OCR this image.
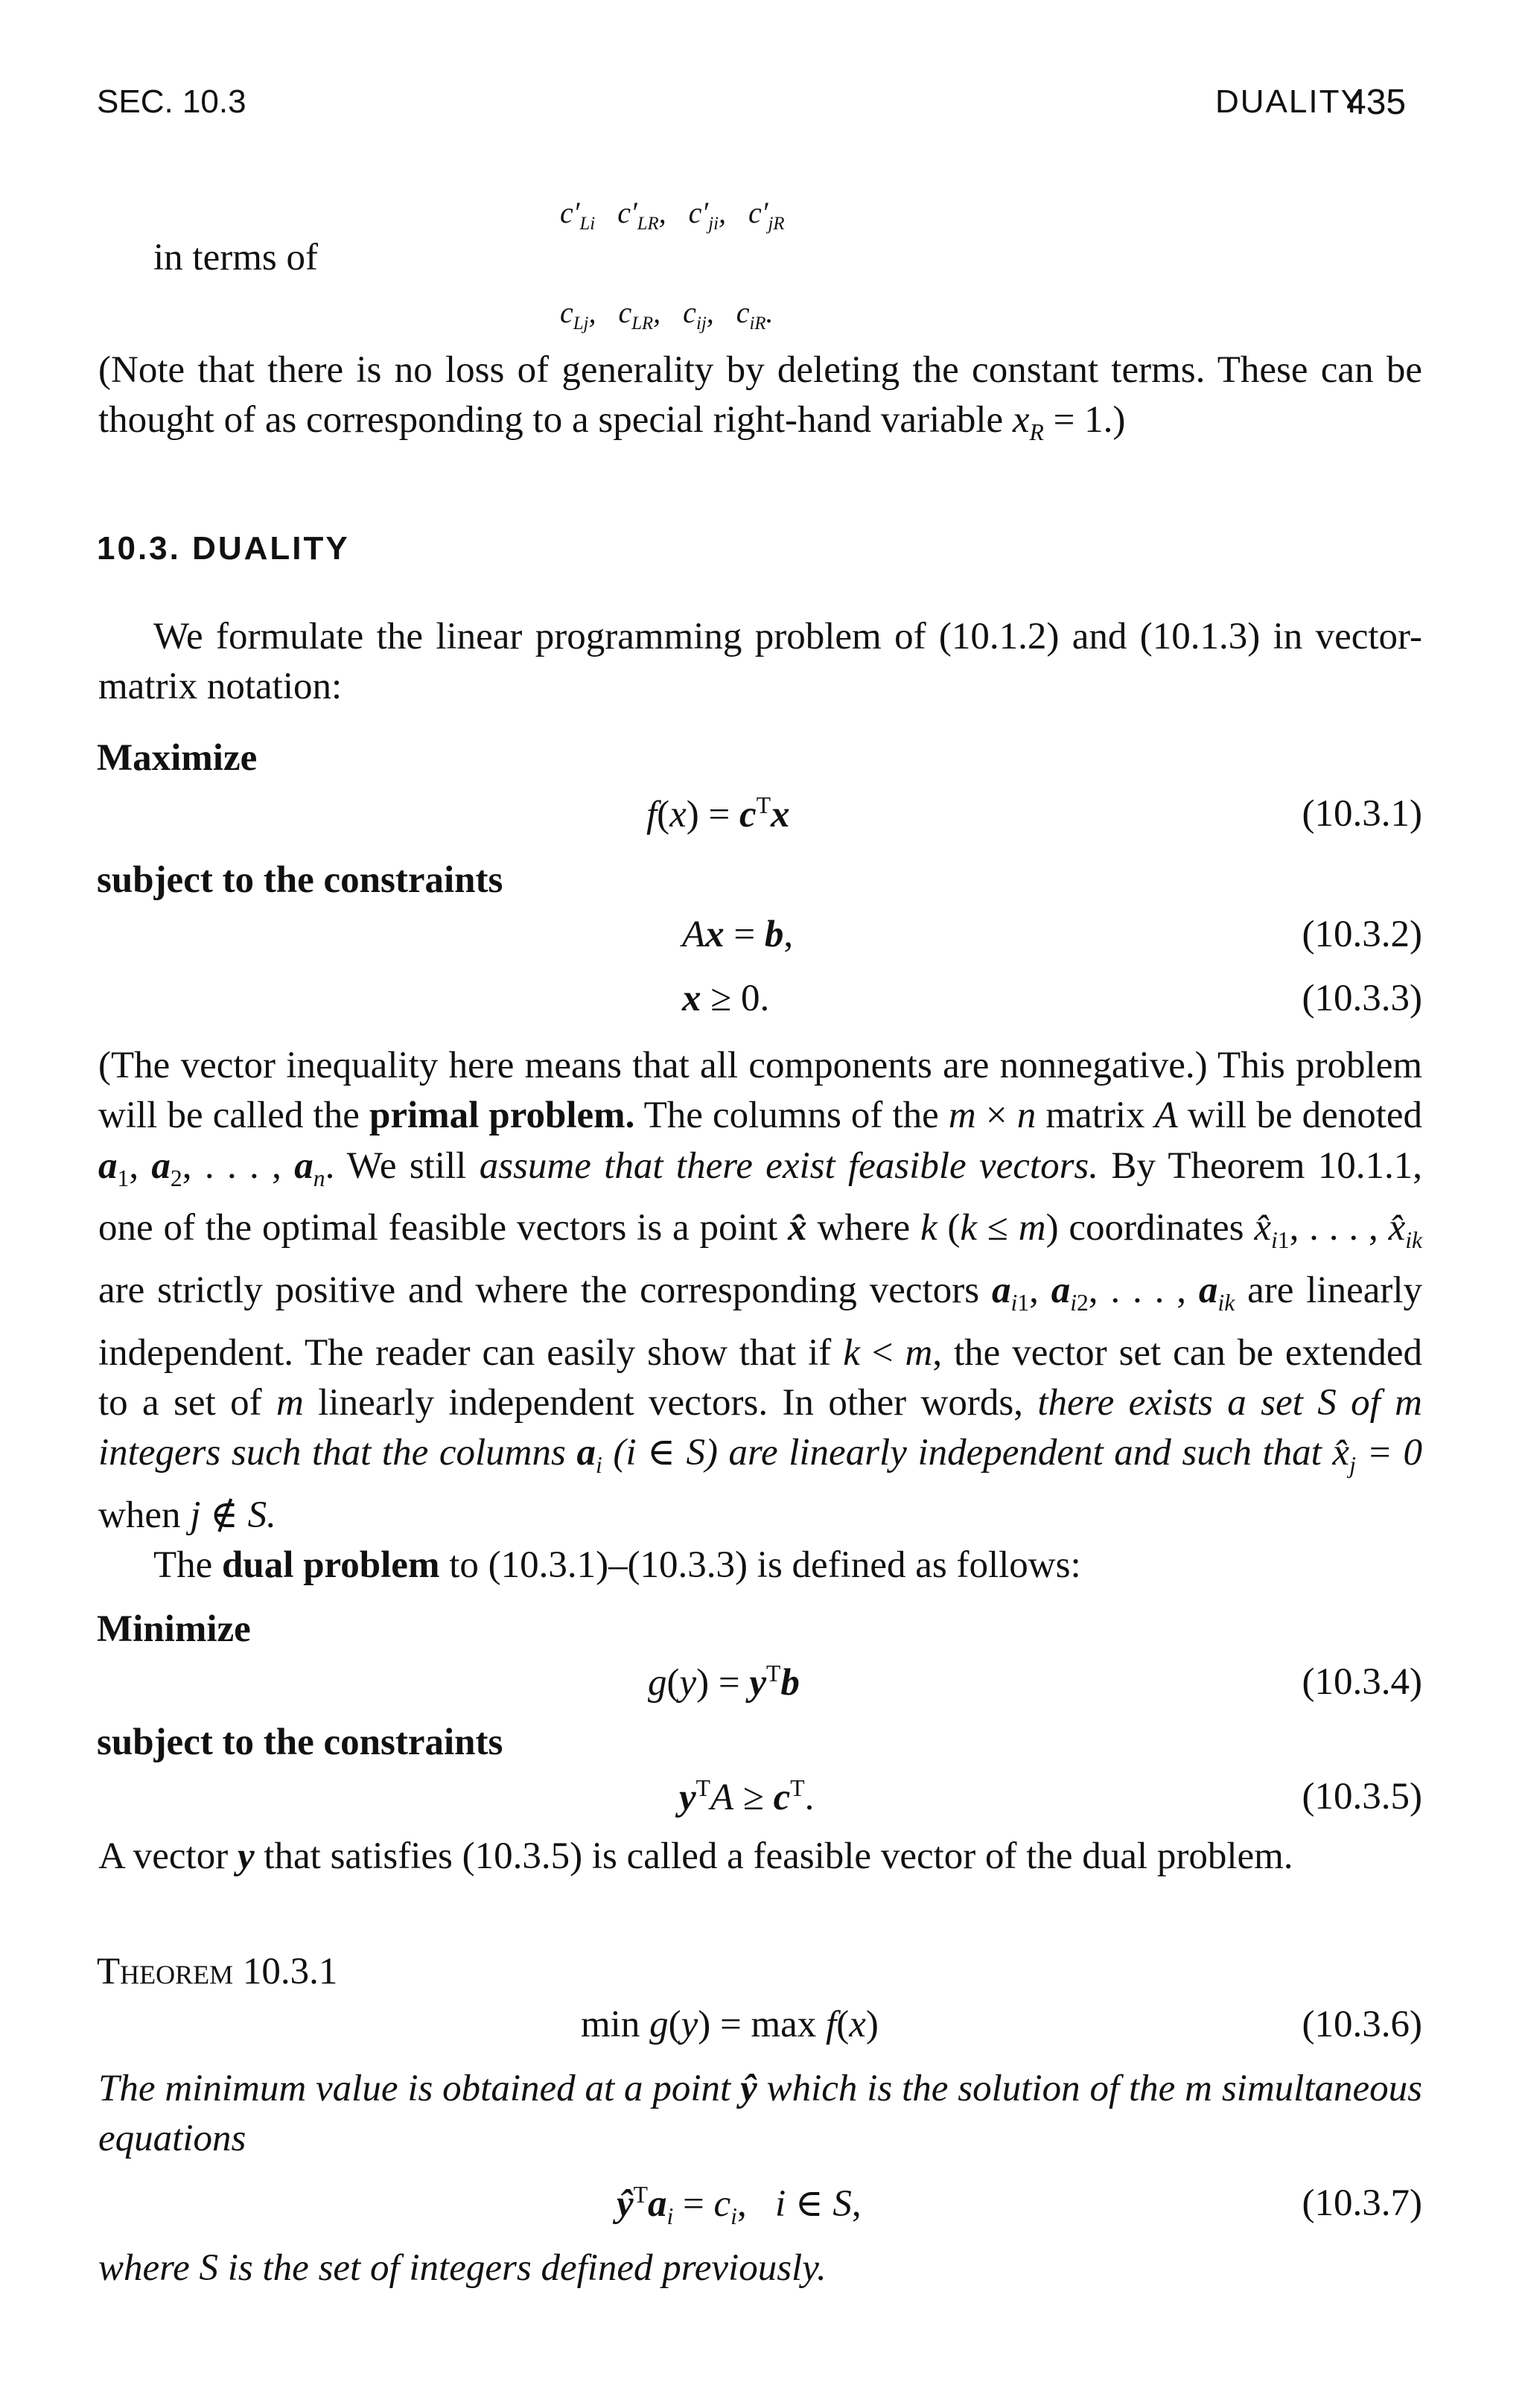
SEC. 10.3	DUALITY
435
$c'_{Li}$ $c'_{LR}$, $c'_{ji}$, $c'_{jR}$
in terms of
$c_{Lj}$, $c_{LR}$, $c_{ij}$, $c_{iR}$.

(Note that there is no loss of generality by deleting the constant terms. These can be thought of as corresponding to a special right-hand variable $x_R = 1$.)

10.3. DUALITY

We formulate the linear programming problem of (10.1.2) and (10.1.3) in vector-matrix notation:

Maximize
$f(x) = c^Tx$	(10.3.1)
subject to the constraints
Ax = b,	(10.3.2)
x ≥ 0.	(10.3.3)

(The vector inequality here means that all components are nonnegative.) This problem will be called the primal problem. The columns of the m × n matrix A will be denoted $a_1$, $a_2$, . . . , $a_n$. We still assume that there exist feasible vectors. By Theorem 10.1.1, one of the optimal feasible vectors is a point x̂ where k (k ≤ m) coordinates $x̂_{i1}$, . . . , $x̂_{ik}$ are strictly positive and where the corresponding vectors $a_{i1}$, $a_{i2}$, . . . , $a_{ik}$ are linearly independent. The reader can easily show that if k < m, the vector set can be extended to a set of m linearly independent vectors. In other words, there exists a set S of m integers such that the columns $a_i$ (i ∈ S) are linearly independent and such that $x̂_j = 0$ when j ∉ S.

The dual problem to (10.3.1)–(10.3.3) is defined as follows:

Minimize
$g(y) = y^Tb$	(10.3.4)
subject to the constraints
$y^TA \ge c^T$.	(10.3.5)

A vector y that satisfies (10.3.5) is called a feasible vector of the dual problem.

Theorem 10.3.1
min g(y) = max f(x)	(10.3.6)

The minimum value is obtained at a point ŷ which is the solution of the m simultaneous equations

$ŷ^Ta_i = c_i$,   i ∈ S,	(10.3.7)
where S is the set of integers defined previously.
